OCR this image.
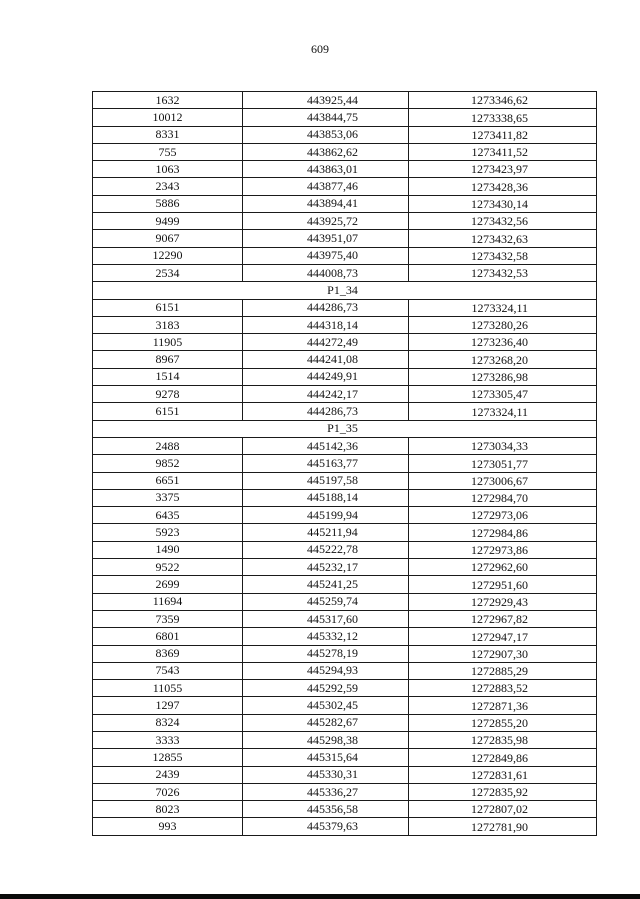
609
1632	443925,44	1273346,62
10012	443844,75	1273338,65
8331	443853,06	1273411,82
755	443862,62	1273411,52
1063	443863,01	1273423,97
2343	443877,46	1273428,36
5886	443894,41	1273430,14
9499	443925,72	1273432,56
9067	443951,07	1273432,63
12290	443975,40	1273432,58
2534	444008,73	1273432,53
P1_34		
6151	444286,73	1273324,11
3183	444318,14	1273280,26
11905	444272,49	1273236,40
8967	444241,08	1273268,20
1514	444249,91	1273286,98
9278	444242,17	1273305,47
6151	444286,73	1273324,11
P1_35		
2488	445142,36	1273034,33
9852	445163,77	1273051,77
6651	445197,58	1273006,67
3375	445188,14	1272984,70
6435	445199,94	1272973,06
5923	445211,94	1272984,86
1490	445222,78	1272973,86
9522	445232,17	1272962,60
2699	445241,25	1272951,60
11694	445259,74	1272929,43
7359	445317,60	1272967,82
6801	445332,12	1272947,17
8369	445278,19	1272907,30
7543	445294,93	1272885,29
11055	445292,59	1272883,52
1297	445302,45	1272871,36
8324	445282,67	1272855,20
3333	445298,38	1272835,98
12855	445315,64	1272849,86
2439	445330,31	1272831,61
7026	445336,27	1272835,92
8023	445356,58	1272807,02
993	445379,63	1272781,90
